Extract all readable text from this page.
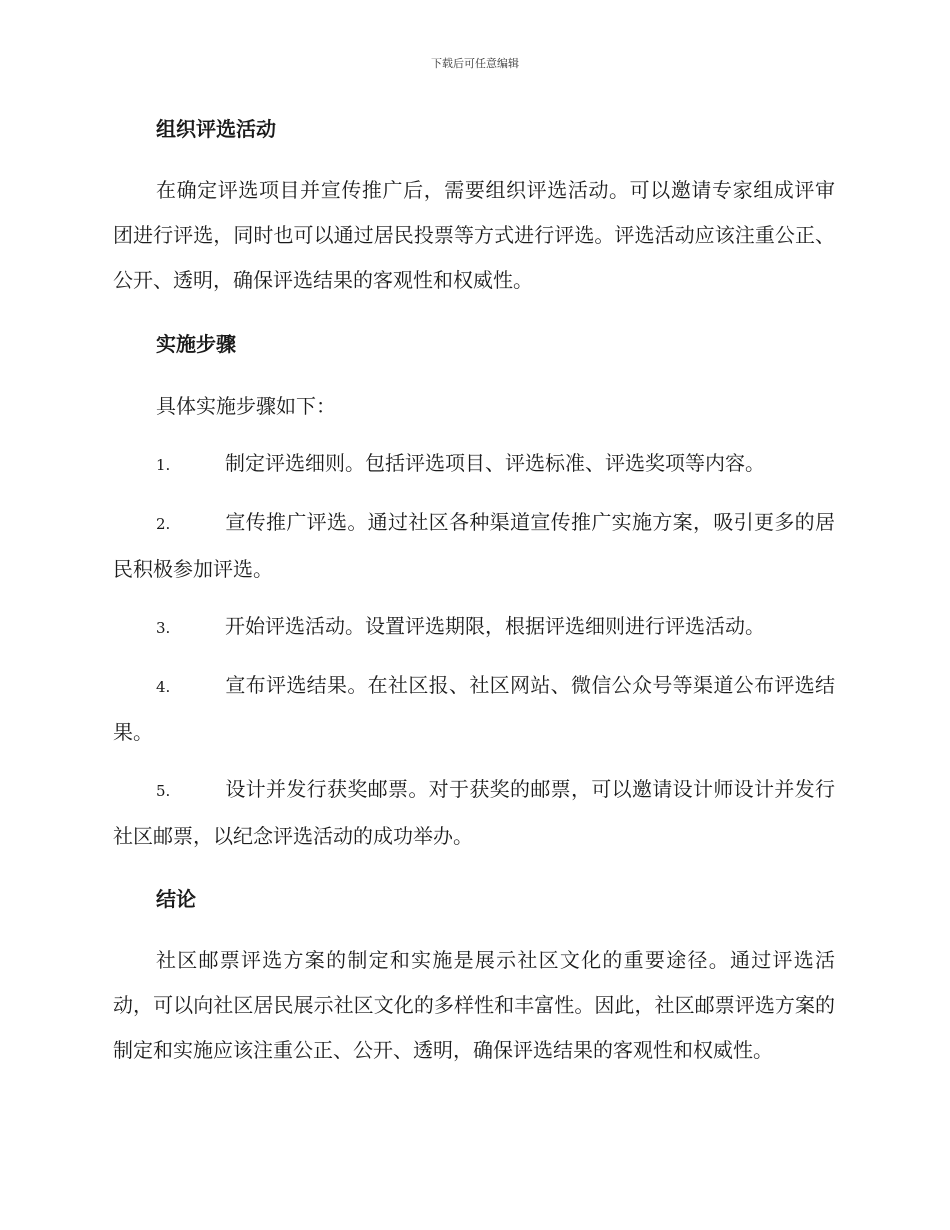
下载后可任意编辑
组织评选活动

在确定评选项目并宣传推广后，需要组织评选活动。可以邀请专家组成评审团进行评选，同时也可以通过居民投票等方式进行评选。评选活动应该注重公正、公开、透明，确保评选结果的客观性和权威性。

实施步骤

具体实施步骤如下：

1.	制定评选细则。包括评选项目、评选标准、评选奖项等内容。

2.	宣传推广评选。通过社区各种渠道宣传推广实施方案，吸引更多的居民积极参加评选。

3.	开始评选活动。设置评选期限，根据评选细则进行评选活动。

4.	宣布评选结果。在社区报、社区网站、微信公众号等渠道公布评选结果。

5.	设计并发行获奖邮票。对于获奖的邮票，可以邀请设计师设计并发行社区邮票，以纪念评选活动的成功举办。

结论

社区邮票评选方案的制定和实施是展示社区文化的重要途径。通过评选活动，可以向社区居民展示社区文化的多样性和丰富性。因此，社区邮票评选方案的制定和实施应该注重公正、公开、透明，确保评选结果的客观性和权威性。
